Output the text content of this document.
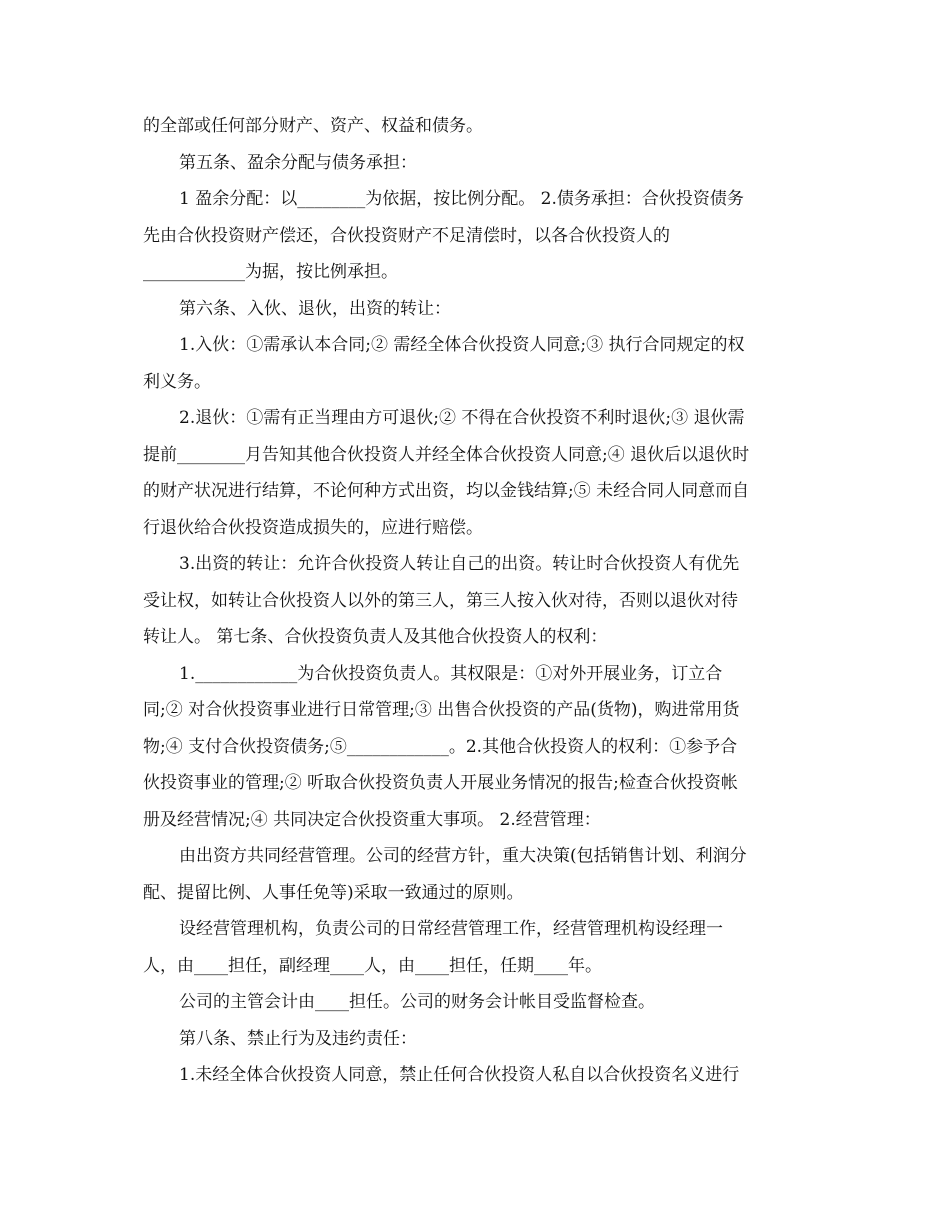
的全部或任何部分财产、资产、权益和债务。
第五条、盈余分配与债务承担：
1 盈余分配：以________为依据，按比例分配。 2.债务承担：合伙投资债务
先由合伙投资财产偿还，合伙投资财产不足清偿时，以各合伙投资人的
____________为据，按比例承担。
第六条、入伙、退伙，出资的转让：
1.入伙：①需承认本合同;② 需经全体合伙投资人同意;③ 执行合同规定的权
利义务。
2.退伙：①需有正当理由方可退伙;② 不得在合伙投资不利时退伙;③ 退伙需
提前________月告知其他合伙投资人并经全体合伙投资人同意;④ 退伙后以退伙时
的财产状况进行结算，不论何种方式出资，均以金钱结算;⑤ 未经合同人同意而自
行退伙给合伙投资造成损失的，应进行赔偿。
3.出资的转让：允许合伙投资人转让自己的出资。转让时合伙投资人有优先
受让权，如转让合伙投资人以外的第三人，第三人按入伙对待，否则以退伙对待
转让人。 第七条、合伙投资负责人及其他合伙投资人的权利：
1.____________为合伙投资负责人。其权限是：①对外开展业务，订立合
同;② 对合伙投资事业进行日常管理;③ 出售合伙投资的产品(货物)，购进常用货
物;④ 支付合伙投资债务;⑤____________。2.其他合伙投资人的权利：①参予合
伙投资事业的管理;② 听取合伙投资负责人开展业务情况的报告;检查合伙投资帐
册及经营情况;④ 共同决定合伙投资重大事项。 2.经营管理：
由出资方共同经营管理。公司的经营方针，重大决策(包括销售计划、利润分
配、提留比例、人事任免等)采取一致通过的原则。
设经营管理机构，负责公司的日常经营管理工作，经营管理机构设经理一
人，由____担任，副经理____人，由____担任，任期____年。
公司的主管会计由____担任。公司的财务会计帐目受监督检查。
第八条、禁止行为及违约责任：
1.未经全体合伙投资人同意，禁止任何合伙投资人私自以合伙投资名义进行
